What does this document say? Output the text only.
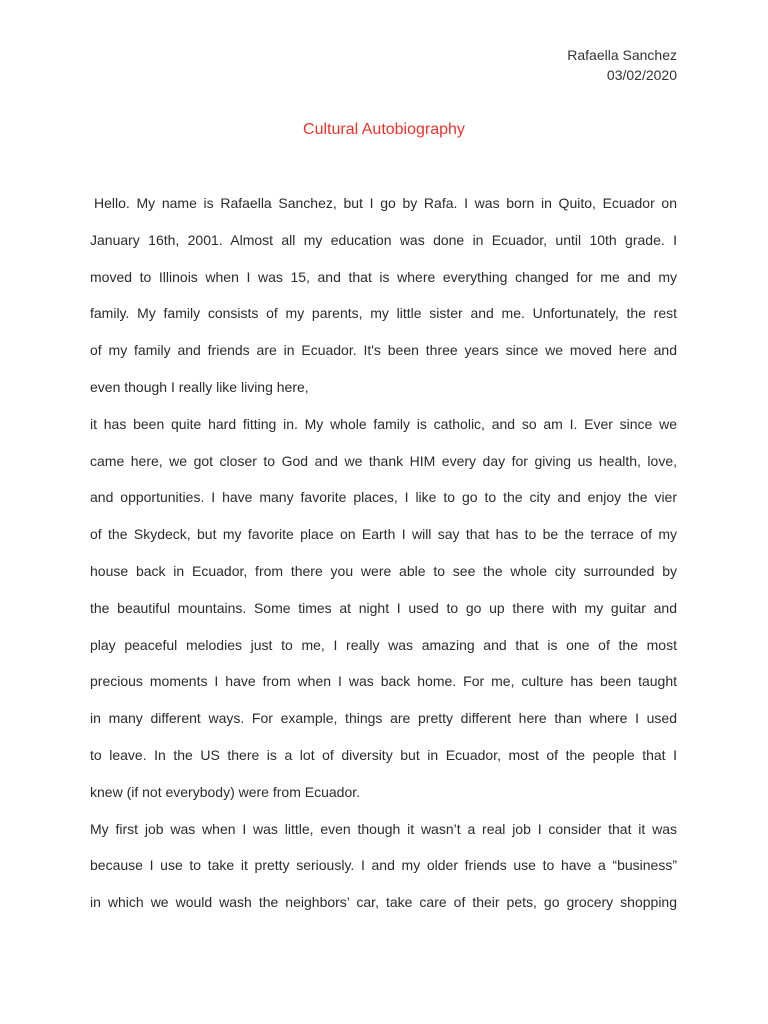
Rafaella Sanchez
03/02/2020
Cultural Autobiography
Hello. My name is Rafaella Sanchez, but I go by Rafa. I was born in Quito, Ecuador on
January 16th, 2001. Almost all my education was done in Ecuador, until 10th grade. I
moved to Illinois when I was 15, and that is where everything changed for me and my
family. My family consists of my parents, my little sister and me. Unfortunately, the rest
of my family and friends are in Ecuador. It's been three years since we moved here and
even though I really like living here,
it has been quite hard fitting in. My whole family is catholic, and so am I. Ever since we
came here, we got closer to God and we thank HIM every day for giving us health, love,
and opportunities. I have many favorite places, I like to go to the city and enjoy the vier
of the Skydeck, but my favorite place on Earth I will say that has to be the terrace of my
house back in Ecuador, from there you were able to see the whole city surrounded by
the beautiful mountains. Some times at night I used to go up there with my guitar and
play peaceful melodies just to me, I really was amazing and that is one of the most
precious moments I have from when I was back home. For me, culture has been taught
in many different ways. For example, things are pretty different here than where I used
to leave. In the US there is a lot of diversity but in Ecuador, most of the people that I
knew (if not everybody) were from Ecuador.
My first job was when I was little, even though it wasn’t a real job I consider that it was
because I use to take it pretty seriously. I and my older friends use to have a “business”
in which we would wash the neighbors’ car, take care of their pets, go grocery shopping
